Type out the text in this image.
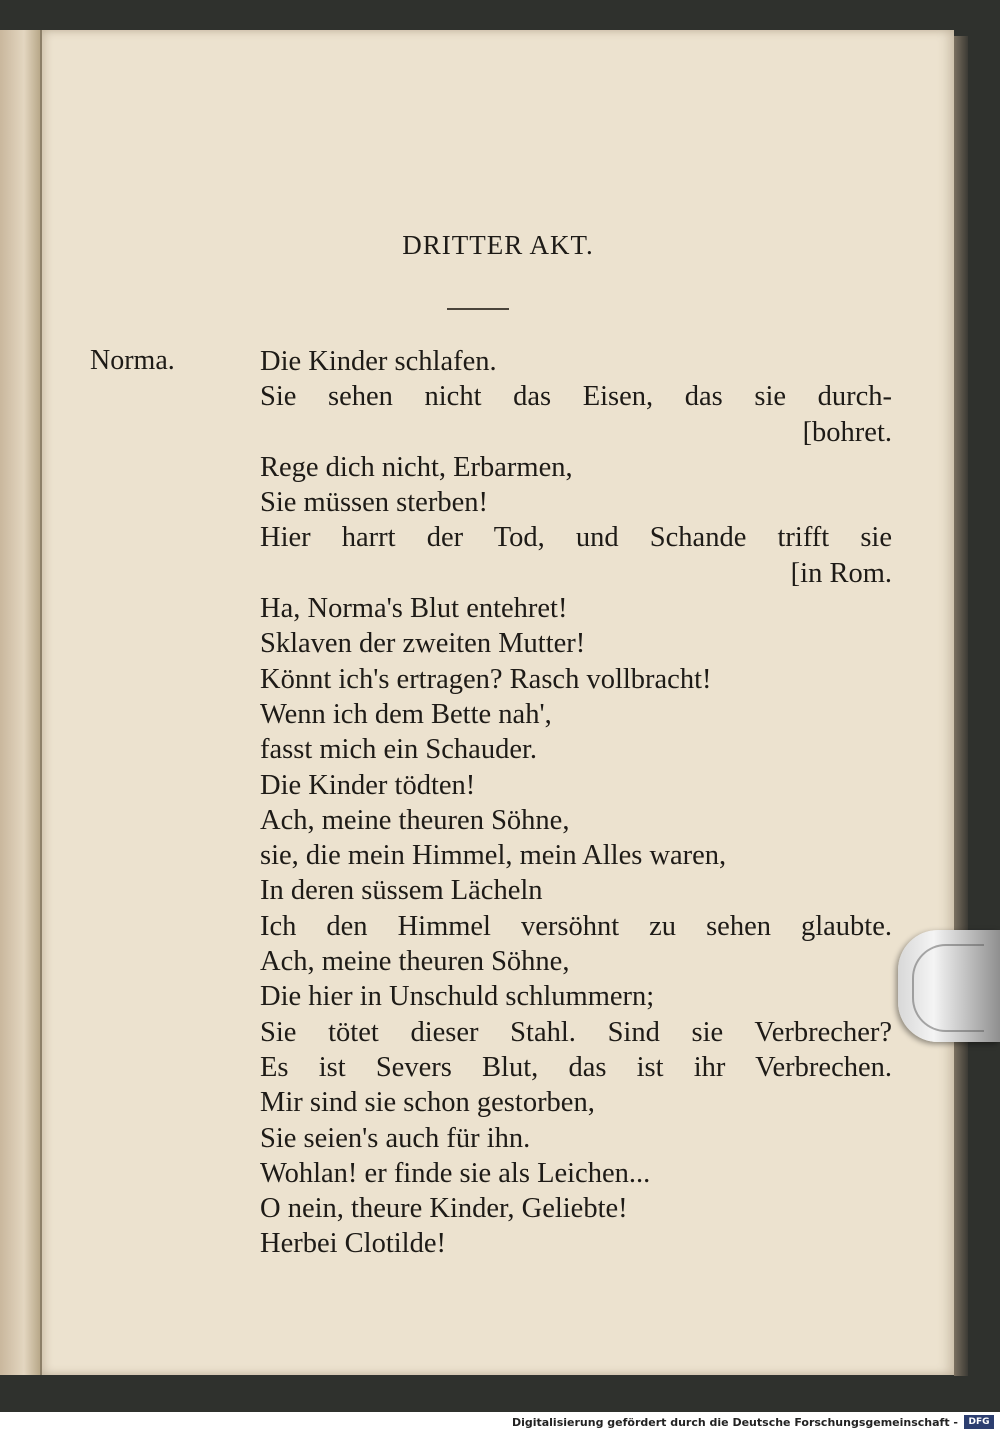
DRITTER AKT.
Norma.	Die Kinder schlafen.
Sie sehen nicht das Eisen, das sie durch-
[bohret.
Rege dich nicht, Erbarmen,
Sie müssen sterben!
Hier harrt der Tod, und Schande trifft sie
[in Rom.
Ha, Norma's Blut entehret!
Sklaven der zweiten Mutter!
Könnt ich's ertragen? Rasch vollbracht!
Wenn ich dem Bette nah',
fasst mich ein Schauder.
Die Kinder tödten!
Ach, meine theuren Söhne,
sie, die mein Himmel, mein Alles waren,
In deren süssem Lächeln
Ich den Himmel versöhnt zu sehen glaubte.
Ach, meine theuren Söhne,
Die hier in Unschuld schlummern;
Sie tötet dieser Stahl. Sind sie Verbrecher?
Es ist Severs Blut, das ist ihr Verbrechen.
Mir sind sie schon gestorben,
Sie seien's auch für ihn.
Wohlan! er finde sie als Leichen...
O nein, theure Kinder, Geliebte!
Herbei Clotilde!
Digitalisierung gefördert durch die Deutsche Forschungsgemeinschaft -	DFG
